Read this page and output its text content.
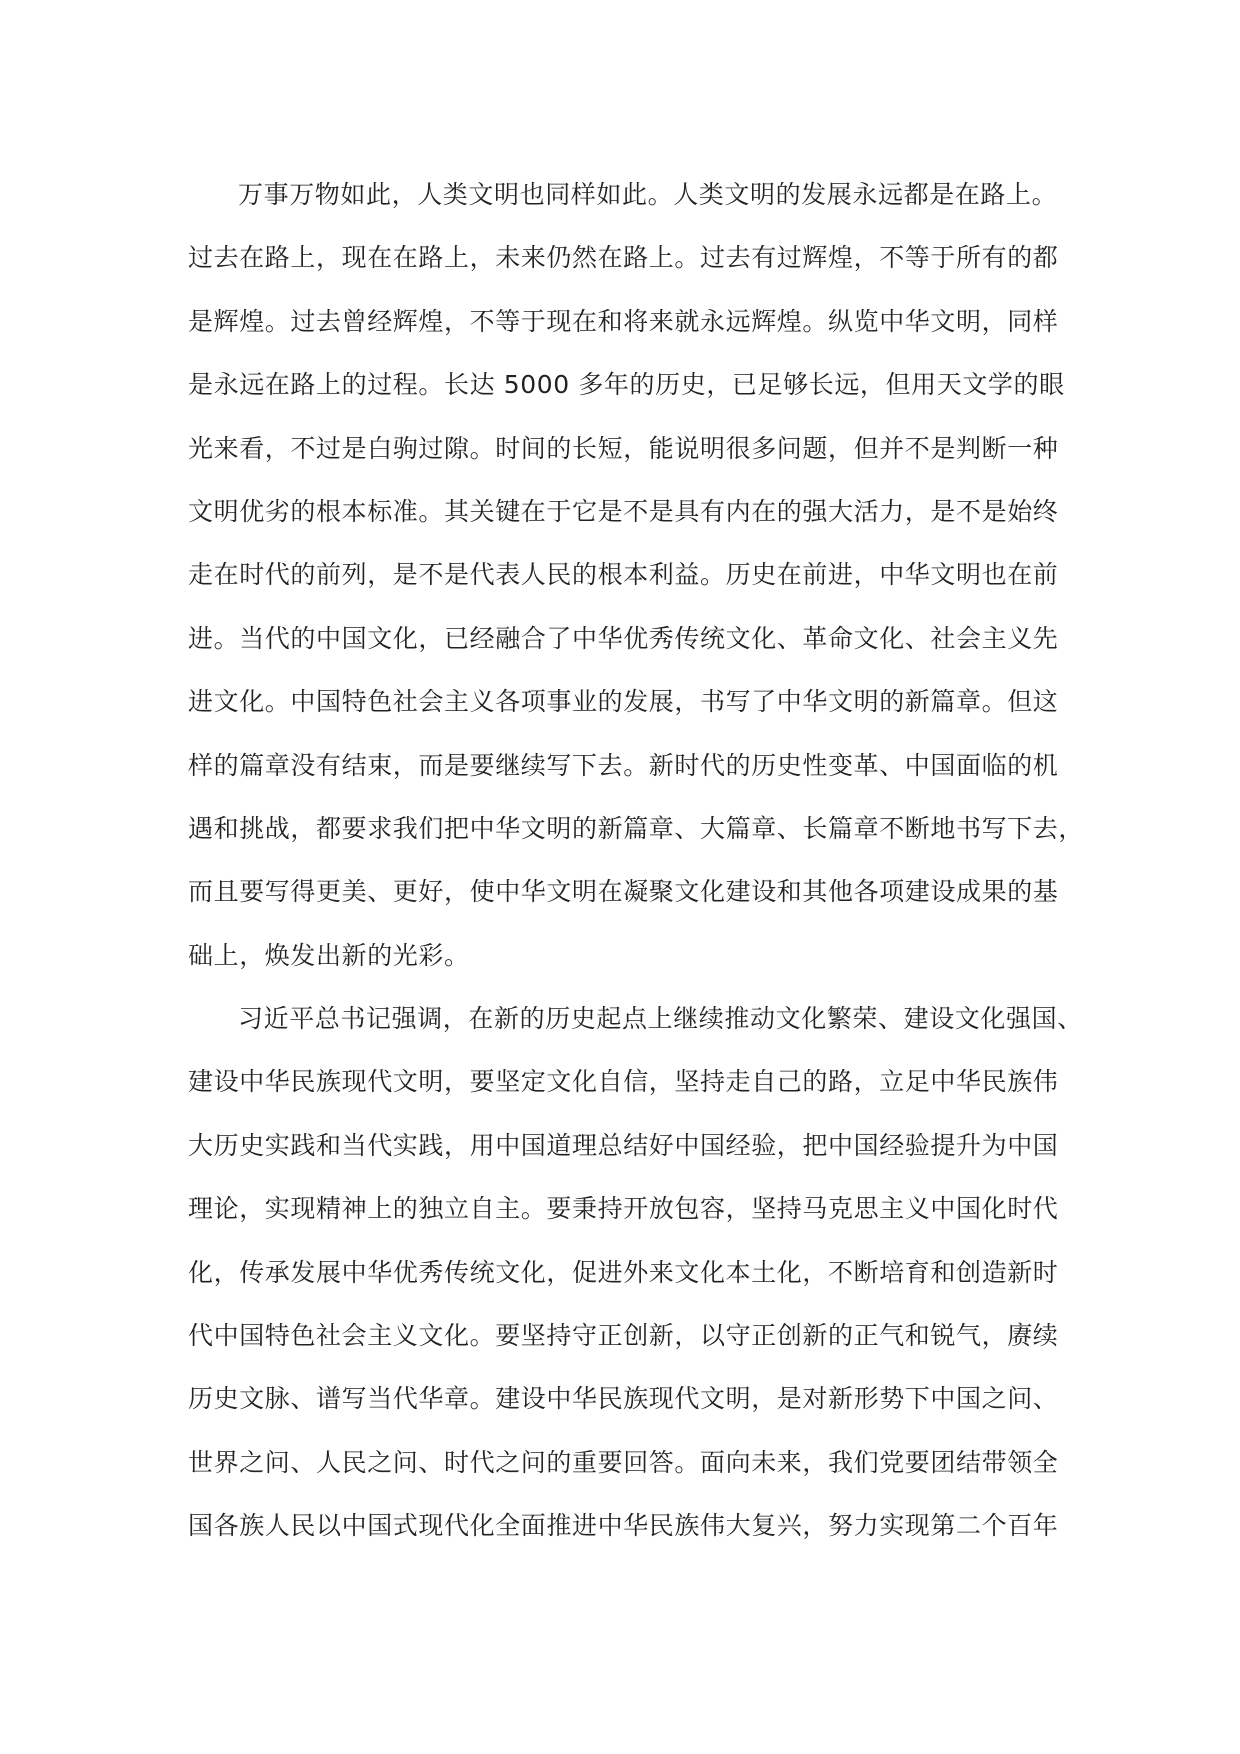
万事万物如此，人类文明也同样如此。人类文明的发展永远都是在路上。
过去在路上，现在在路上，未来仍然在路上。过去有过辉煌，不等于所有的都
是辉煌。过去曾经辉煌，不等于现在和将来就永远辉煌。纵览中华文明，同样
是永远在路上的过程。长达 5000 多年的历史，已足够长远，但用天文学的眼
光来看，不过是白驹过隙。时间的长短，能说明很多问题，但并不是判断一种
文明优劣的根本标准。其关键在于它是不是具有内在的强大活力，是不是始终
走在时代的前列，是不是代表人民的根本利益。历史在前进，中华文明也在前
进。当代的中国文化，已经融合了中华优秀传统文化、革命文化、社会主义先
进文化。中国特色社会主义各项事业的发展，书写了中华文明的新篇章。但这
样的篇章没有结束，而是要继续写下去。新时代的历史性变革、中国面临的机
遇和挑战，都要求我们把中华文明的新篇章、大篇章、长篇章不断地书写下去，
而且要写得更美、更好，使中华文明在凝聚文化建设和其他各项建设成果的基
础上，焕发出新的光彩。
习近平总书记强调，在新的历史起点上继续推动文化繁荣、建设文化强国、
建设中华民族现代文明，要坚定文化自信，坚持走自己的路，立足中华民族伟
大历史实践和当代实践，用中国道理总结好中国经验，把中国经验提升为中国
理论，实现精神上的独立自主。要秉持开放包容，坚持马克思主义中国化时代
化，传承发展中华优秀传统文化，促进外来文化本土化，不断培育和创造新时
代中国特色社会主义文化。要坚持守正创新，以守正创新的正气和锐气，赓续
历史文脉、谱写当代华章。建设中华民族现代文明，是对新形势下中国之问、
世界之问、人民之问、时代之问的重要回答。面向未来，我们党要团结带领全
国各族人民以中国式现代化全面推进中华民族伟大复兴，努力实现第二个百年
